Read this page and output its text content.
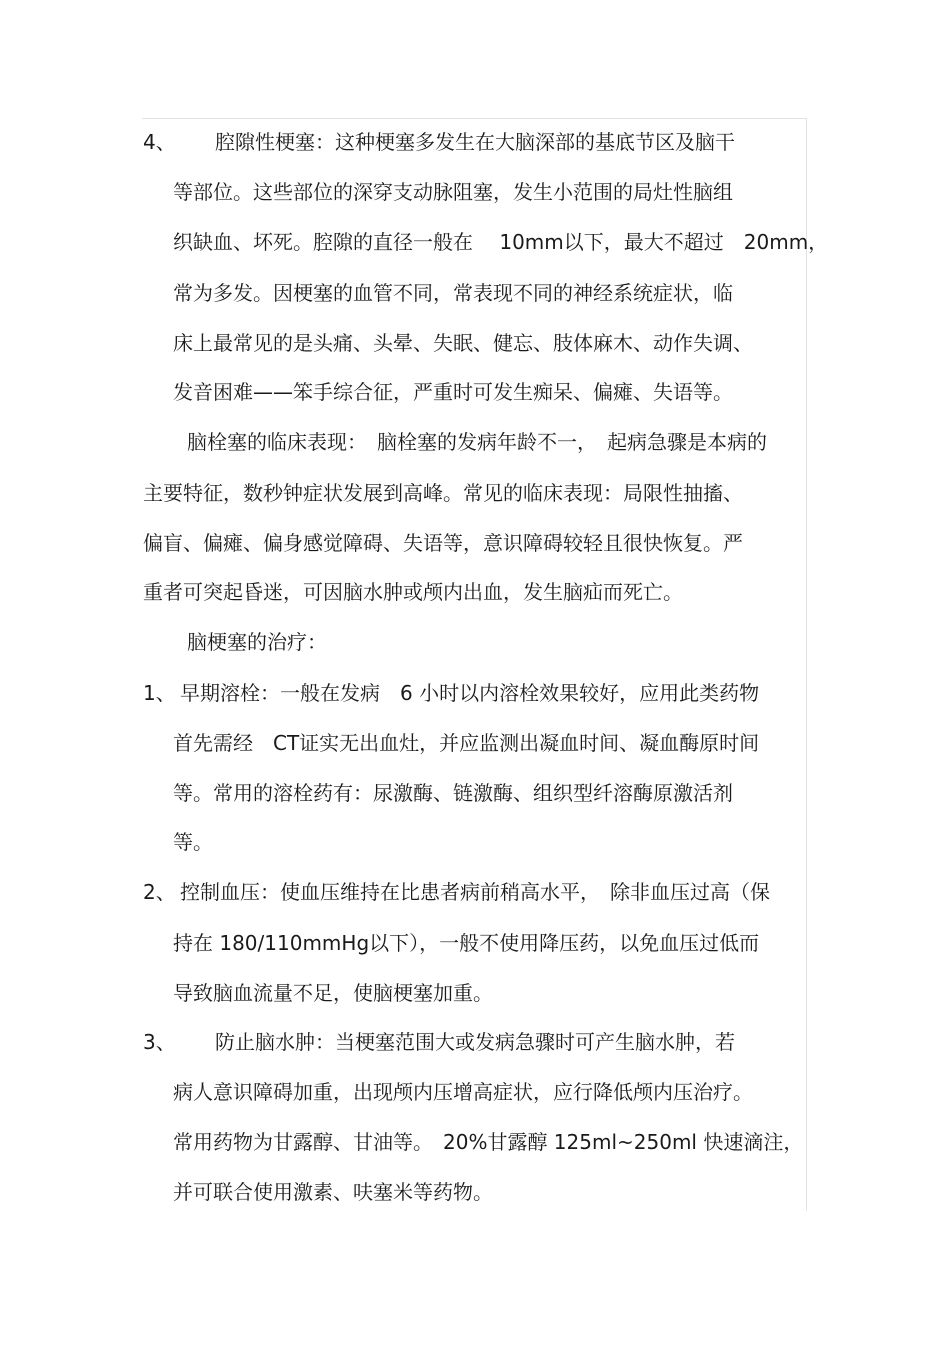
4、 腔隙性梗塞：这种梗塞多发生在大脑深部的基底节区及脑干
等部位。这些部位的深穿支动脉阻塞，发生小范围的局灶性脑组
织缺血、坏死。腔隙的直径一般在 　10mm以下，最大不超过　20mm，
常为多发。因梗塞的血管不同，常表现不同的神经系统症状，临
床上最常见的是头痛、头晕、失眠、健忘、肢体麻木、动作失调、
发音困难——笨手综合征，严重时可发生痴呆、偏瘫、失语等。
脑栓塞的临床表现：　脑栓塞的发病年龄不一，　起病急骤是本病的
主要特征，数秒钟症状发展到高峰。常见的临床表现：局限性抽搐、
偏盲、偏瘫、偏身感觉障碍、失语等，意识障碍较轻且很快恢复。严
重者可突起昏迷，可因脑水肿或颅内出血，发生脑疝而死亡。
脑梗塞的治疗：
1、 早期溶栓：一般在发病　6 小时以内溶栓效果较好，应用此类药物
首先需经　CT证实无出血灶，并应监测出凝血时间、凝血酶原时间
等。常用的溶栓药有：尿激酶、链激酶、组织型纤溶酶原激活剂
等。
2、 控制血压：使血压维持在比患者病前稍高水平，　除非血压过高（保
持在 180/110mmHg以下），一般不使用降压药，以免血压过低而
导致脑血流量不足，使脑梗塞加重。
3、 防止脑水肿：当梗塞范围大或发病急骤时可产生脑水肿，若
病人意识障碍加重，出现颅内压增高症状，应行降低颅内压治疗。
常用药物为甘露醇、甘油等。　20%甘露醇 125ml~250ml 快速滴注，
并可联合使用激素、呋塞米等药物。
